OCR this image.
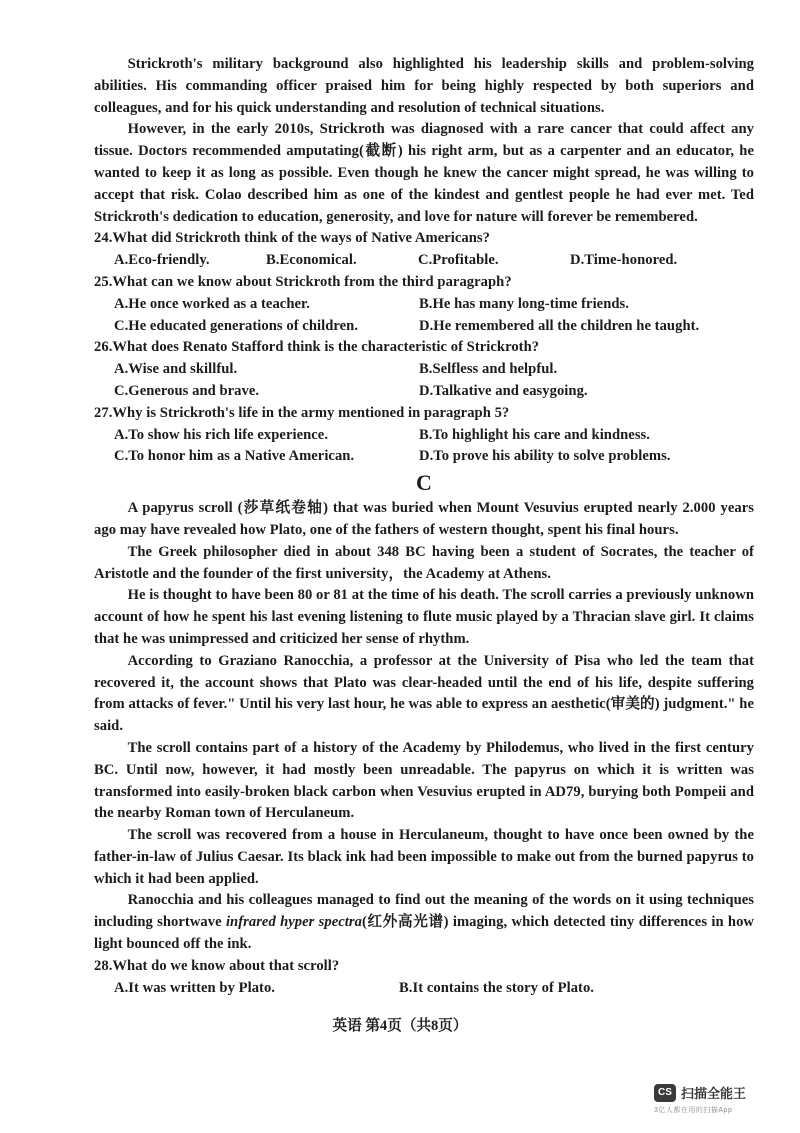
Strickroth's military background also highlighted his leadership skills and problem-solving abilities. His commanding officer praised him for being highly respected by both superiors and colleagues, and for his quick understanding and resolution of technical situations.

However, in the early 2010s, Strickroth was diagnosed with a rare cancer that could affect any tissue. Doctors recommended amputating(截断) his right arm, but as a carpenter and an educator, he wanted to keep it as long as possible. Even though he knew the cancer might spread, he was willing to accept that risk. Colao described him as one of the kindest and gentlest people he had ever met. Ted Strickroth's dedication to education, generosity, and love for nature will forever be remembered.

24.What did Strickroth think of the ways of Native Americans?

A.Eco-friendly.	B.Economical.	C.Profitable.	D.Time-honored.

25.What can we know about Strickroth from the third paragraph?

A.He once worked as a teacher.	B.He has many long-time friends.
C.He educated generations of children.	D.He remembered all the children he taught.

26.What does Renato Stafford think is the characteristic of Strickroth?

A.Wise and skillful.	B.Selfless and helpful.
C.Generous and brave.	D.Talkative and easygoing.

27.Why is Strickroth's life in the army mentioned in paragraph 5?

A.To show his rich life experience.	B.To highlight his care and kindness.
C.To honor him as a Native American.	D.To prove his ability to solve problems.

C

A papyrus scroll (莎草纸卷轴) that was buried when Mount Vesuvius erupted nearly 2.000 years ago may have revealed how Plato, one of the fathers of western thought, spent his final hours.

The Greek philosopher died in about 348 BC having been a student of Socrates, the teacher of Aristotle and the founder of the first university，the Academy at Athens.

He is thought to have been 80 or 81 at the time of his death. The scroll carries a previously unknown account of how he spent his last evening listening to flute music played by a Thracian slave girl. It claims that he was unimpressed and criticized her sense of rhythm.

According to Graziano Ranocchia, a professor at the University of Pisa who led the team that recovered it, the account shows that Plato was clear-headed until the end of his life, despite suffering from attacks of fever." Until his very last hour, he was able to express an aesthetic(审美的) judgment." he said.

The scroll contains part of a history of the Academy by Philodemus, who lived in the first century BC. Until now, however, it had mostly been unreadable. The papyrus on which it is written was transformed into easily-broken black carbon when Vesuvius erupted in AD79, burying both Pompeii and the nearby Roman town of Herculaneum.

The scroll was recovered from a house in Herculaneum, thought to have once been owned by the father-in-law of Julius Caesar. Its black ink had been impossible to make out from the burned papyrus to which it had been applied.

Ranocchia and his colleagues managed to find out the meaning of the words on it using techniques including shortwave infrared hyper spectra(红外高光谱) imaging, which detected tiny differences in how light bounced off the ink.

28.What do we know about that scroll?

A.It was written by Plato.	B.It contains the story of Plato.
英语 第4页（共8页）
CS 扫描全能王
3亿人都在用的扫描App
